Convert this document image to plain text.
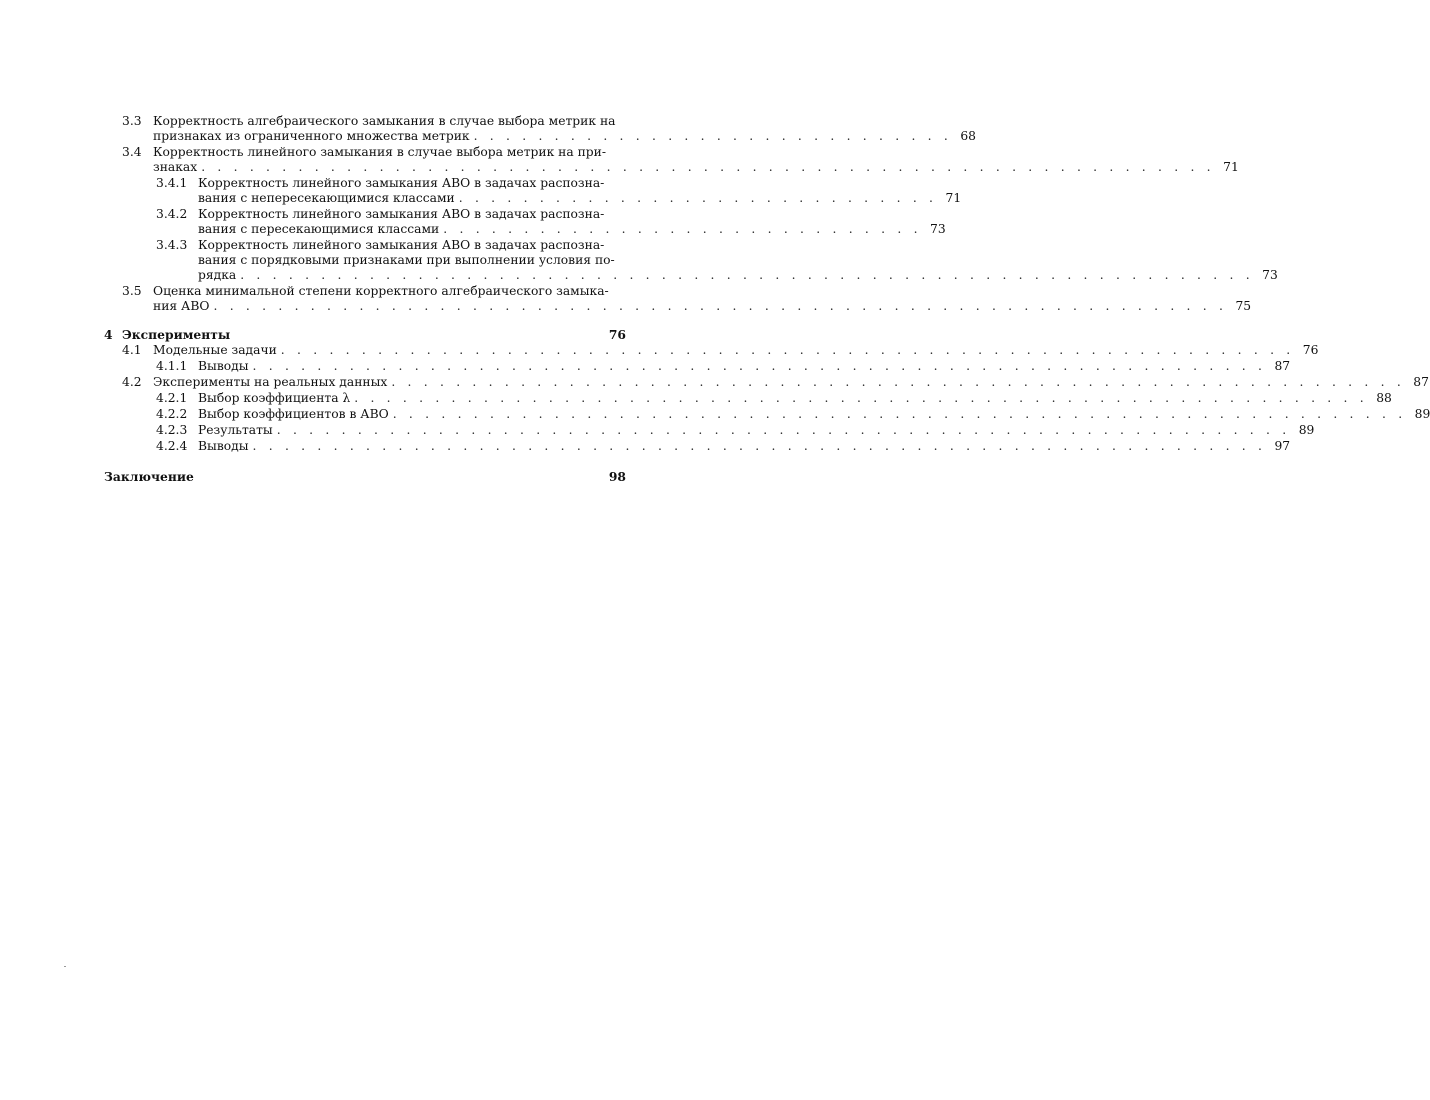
3.3 Корректность алгебраического замыкания в случае выбора метрик на
признаках из ограниченного множества метрик . . . . . . . . . . . . . . . . . . . . . . . . . . . . . . 68
3.4 Корректность линейного замыкания в случае выбора метрик на при-
знаках . . . . . . . . . . . . . . . . . . . . . . . . . . . . . . . . . . . . . . . . . . . . . . . . . . . . . . . . . . . . . . . 71
3.4.1 Корректность линейного замыкания АВО в задачах распозна-
вания с непересекающимися классами . . . . . . . . . . . . . . . . . . . . . . . . . . . . . . 71
3.4.2 Корректность линейного замыкания АВО в задачах распозна-
вания с пересекающимися классами . . . . . . . . . . . . . . . . . . . . . . . . . . . . . . 73
3.4.3 Корректность линейного замыкания АВО в задачах распозна-
вания с порядковыми признаками при выполнении условия по-
рядка . . . . . . . . . . . . . . . . . . . . . . . . . . . . . . . . . . . . . . . . . . . . . . . . . . . . . . . . . . . . . . . 73
3.5 Оценка минимальной степени корректного алгебраического замыка-
ния АВО . . . . . . . . . . . . . . . . . . . . . . . . . . . . . . . . . . . . . . . . . . . . . . . . . . . . . . . . . . . . . . . 75
4 Эксперименты	76
4.1 Модельные задачи . . . . . . . . . . . . . . . . . . . . . . . . . . . . . . . . . . . . . . . . . . . . . . . . . . . . . . . . . . . . . . . 76
4.1.1 Выводы . . . . . . . . . . . . . . . . . . . . . . . . . . . . . . . . . . . . . . . . . . . . . . . . . . . . . . . . . . . . . . . 87
4.2 Эксперименты на реальных данных . . . . . . . . . . . . . . . . . . . . . . . . . . . . . . . . . . . . . . . . . . . . . . . . . . . . . . . . . . . . . . . 87
4.2.1 Выбор коэффициента λ . . . . . . . . . . . . . . . . . . . . . . . . . . . . . . . . . . . . . . . . . . . . . . . . . . . . . . . . . . . . . . . 88
4.2.2 Выбор коэффициентов в АВО . . . . . . . . . . . . . . . . . . . . . . . . . . . . . . . . . . . . . . . . . . . . . . . . . . . . . . . . . . . . . . . 89
4.2.3 Результаты . . . . . . . . . . . . . . . . . . . . . . . . . . . . . . . . . . . . . . . . . . . . . . . . . . . . . . . . . . . . . . . 89
4.2.4 Выводы . . . . . . . . . . . . . . . . . . . . . . . . . . . . . . . . . . . . . . . . . . . . . . . . . . . . . . . . . . . . . . . 97
Заключение	98
